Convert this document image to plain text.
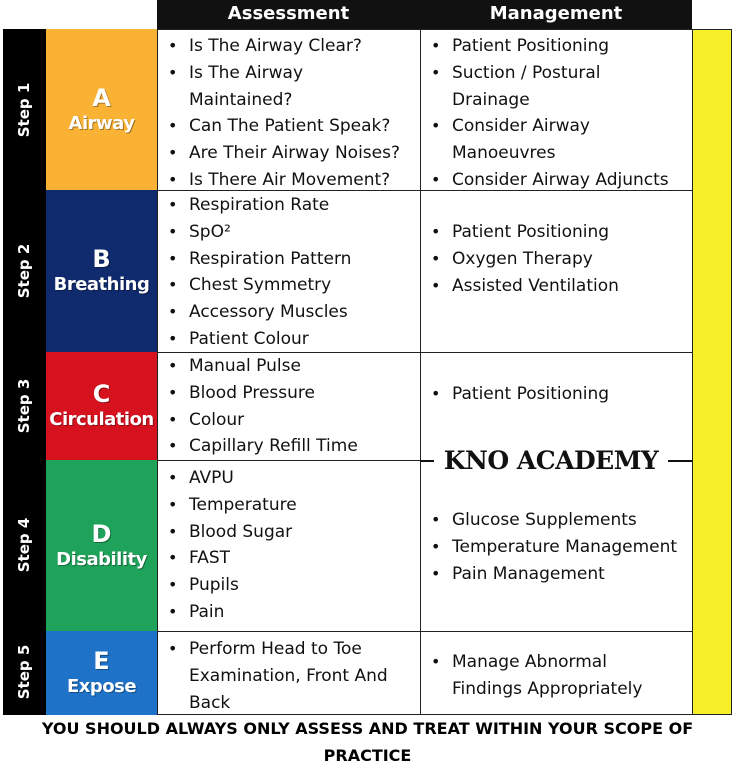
Assessment	Management
Step 1
Step 2
Step 3
Step 4
Step 5
A
Airway
B
Breathing
C
Circulation
D
Disability
E
Expose
• Is The Airway Clear?
• Is The Airway
Maintained?
• Can The Patient Speak?
• Are Their Airway Noises?
• Is There Air Movement?
• Respiration Rate
• SpO²
• Respiration Pattern
• Chest Symmetry
• Accessory Muscles
• Patient Colour
• Manual Pulse
• Blood Pressure
• Colour
• Capillary Refill Time
• AVPU
• Temperature
• Blood Sugar
• FAST
• Pupils
• Pain
• Perform Head to Toe
Examination, Front And
Back
• Patient Positioning
• Suction / Postural
Drainage
• Consider Airway
Manoeuvres
• Consider Airway Adjuncts
• Patient Positioning
• Oxygen Therapy
• Assisted Ventilation
• Patient Positioning
• Glucose Supplements
• Temperature Management
• Pain Management
• Manage Abnormal
Findings Appropriately
KNO ACADEMY
YOU SHOULD ALWAYS ONLY ASSESS AND TREAT WITHIN YOUR SCOPE OF
PRACTICE
